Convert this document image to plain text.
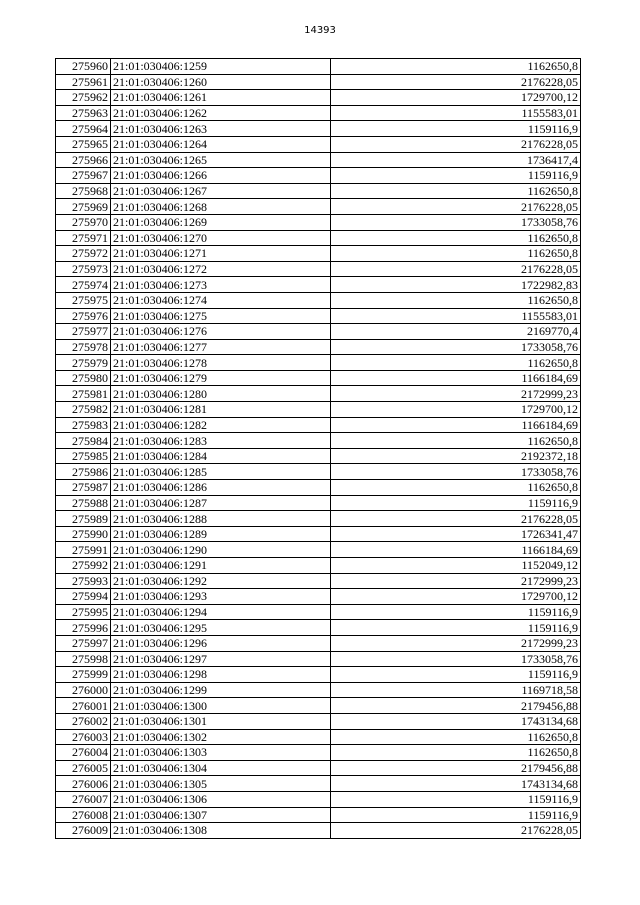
14393
275960	21:01:030406:1259	1162650,8
275961	21:01:030406:1260	2176228,05
275962	21:01:030406:1261	1729700,12
275963	21:01:030406:1262	1155583,01
275964	21:01:030406:1263	1159116,9
275965	21:01:030406:1264	2176228,05
275966	21:01:030406:1265	1736417,4
275967	21:01:030406:1266	1159116,9
275968	21:01:030406:1267	1162650,8
275969	21:01:030406:1268	2176228,05
275970	21:01:030406:1269	1733058,76
275971	21:01:030406:1270	1162650,8
275972	21:01:030406:1271	1162650,8
275973	21:01:030406:1272	2176228,05
275974	21:01:030406:1273	1722982,83
275975	21:01:030406:1274	1162650,8
275976	21:01:030406:1275	1155583,01
275977	21:01:030406:1276	2169770,4
275978	21:01:030406:1277	1733058,76
275979	21:01:030406:1278	1162650,8
275980	21:01:030406:1279	1166184,69
275981	21:01:030406:1280	2172999,23
275982	21:01:030406:1281	1729700,12
275983	21:01:030406:1282	1166184,69
275984	21:01:030406:1283	1162650,8
275985	21:01:030406:1284	2192372,18
275986	21:01:030406:1285	1733058,76
275987	21:01:030406:1286	1162650,8
275988	21:01:030406:1287	1159116,9
275989	21:01:030406:1288	2176228,05
275990	21:01:030406:1289	1726341,47
275991	21:01:030406:1290	1166184,69
275992	21:01:030406:1291	1152049,12
275993	21:01:030406:1292	2172999,23
275994	21:01:030406:1293	1729700,12
275995	21:01:030406:1294	1159116,9
275996	21:01:030406:1295	1159116,9
275997	21:01:030406:1296	2172999,23
275998	21:01:030406:1297	1733058,76
275999	21:01:030406:1298	1159116,9
276000	21:01:030406:1299	1169718,58
276001	21:01:030406:1300	2179456,88
276002	21:01:030406:1301	1743134,68
276003	21:01:030406:1302	1162650,8
276004	21:01:030406:1303	1162650,8
276005	21:01:030406:1304	2179456,88
276006	21:01:030406:1305	1743134,68
276007	21:01:030406:1306	1159116,9
276008	21:01:030406:1307	1159116,9
276009	21:01:030406:1308	2176228,05
